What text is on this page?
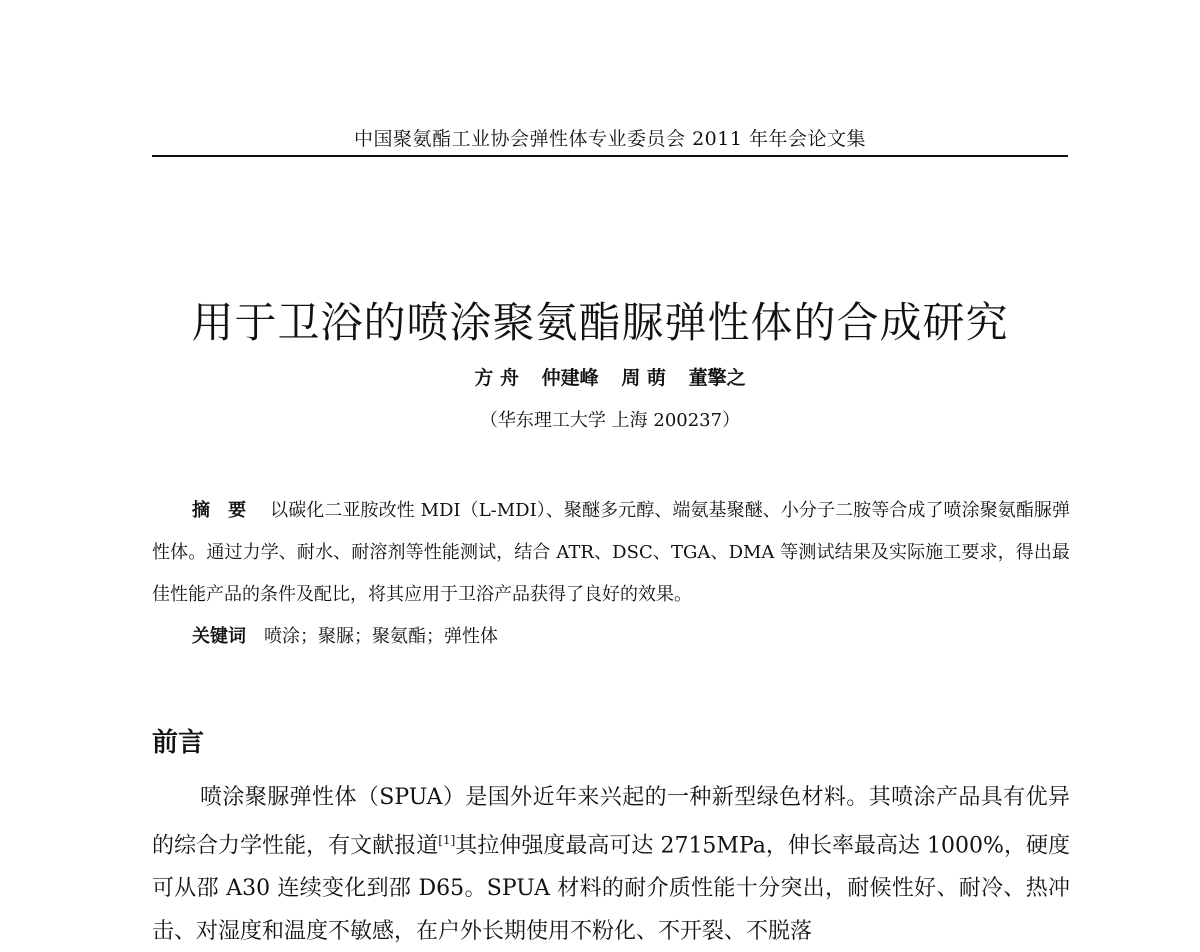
中国聚氨酯工业协会弹性体专业委员会 2011 年年会论文集
用于卫浴的喷涂聚氨酯脲弹性体的合成研究
方 舟 仲建峰 周 萌 董擎之
（华东理工大学 上海 200237）
摘要 以碳化二亚胺改性 MDI（L-MDI）、聚醚多元醇、端氨基聚醚、小分子二胺等合成了喷涂聚氨酯脲弹性体。通过力学、耐水、耐溶剂等性能测试，结合 ATR、DSC、TGA、DMA 等测试结果及实际施工要求，得出最佳性能产品的条件及配比，将其应用于卫浴产品获得了良好的效果。
关键词 喷涂；聚脲；聚氨酯；弹性体
前言
喷涂聚脲弹性体（SPUA）是国外近年来兴起的一种新型绿色材料。其喷涂产品具有优异的综合力学性能，有文献报道[1]其拉伸强度最高可达 2715MPa，伸长率最高达 1000%，硬度可从邵 A30 连续变化到邵 D65。SPUA 材料的耐介质性能十分突出，耐候性好、耐冷、热冲击、对湿度和温度不敏感，在户外长期使用不粉化、不开裂、不脱落
